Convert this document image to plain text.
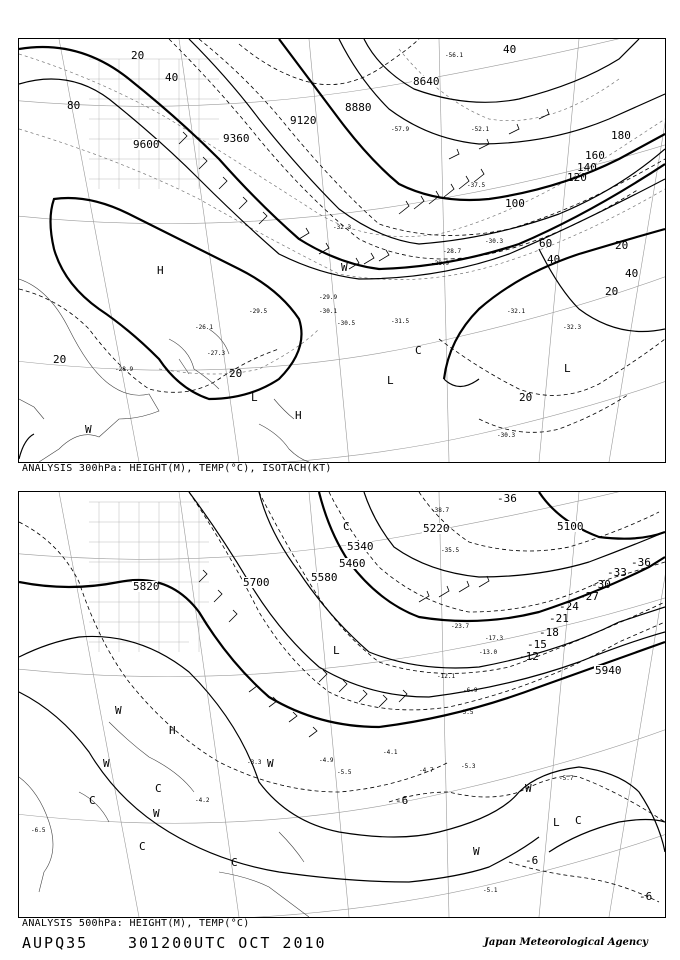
8640
8880
9120
9360
9600
20
40
80
100
60
40
120
140
160
180
40
20
40
20
20
20
20
H
L
L
L
H
C
W
W
-56.1
-57.9	-52.1
-37.5
-32.3
-30.3
-28.7
-28.9
-29.9
-31.5
-30.1
-30.5
-29.5
-27.3
-26.1
-28.9
-32.1
-32.3
-30.3
ANALYSIS 300hPa: HEIGHT(M), TEMP(°C), ISOTACH(KT)
5100
5220
5340
5460
5580
5700
5820
5940
-36
-36
-33
-30
-27
-24
-21
-18
-15
-12
-6
-6
-6
H
L
L
C
C
C
C
C
C
W
W
W
W
W
W
-38.7
-35.5
-23.7
-17.3
-13.0
-12.1
-6.9
-5.5
-4.1
-4.7
-5.3
-5.7
-5.1
-6.5
-4.2
-3.3	-4.9
-5.5
ANALYSIS 500hPa: HEIGHT(M), TEMP(°C)
AUPQ35	301200UTC OCT 2010	Japan Meteorological Agency
